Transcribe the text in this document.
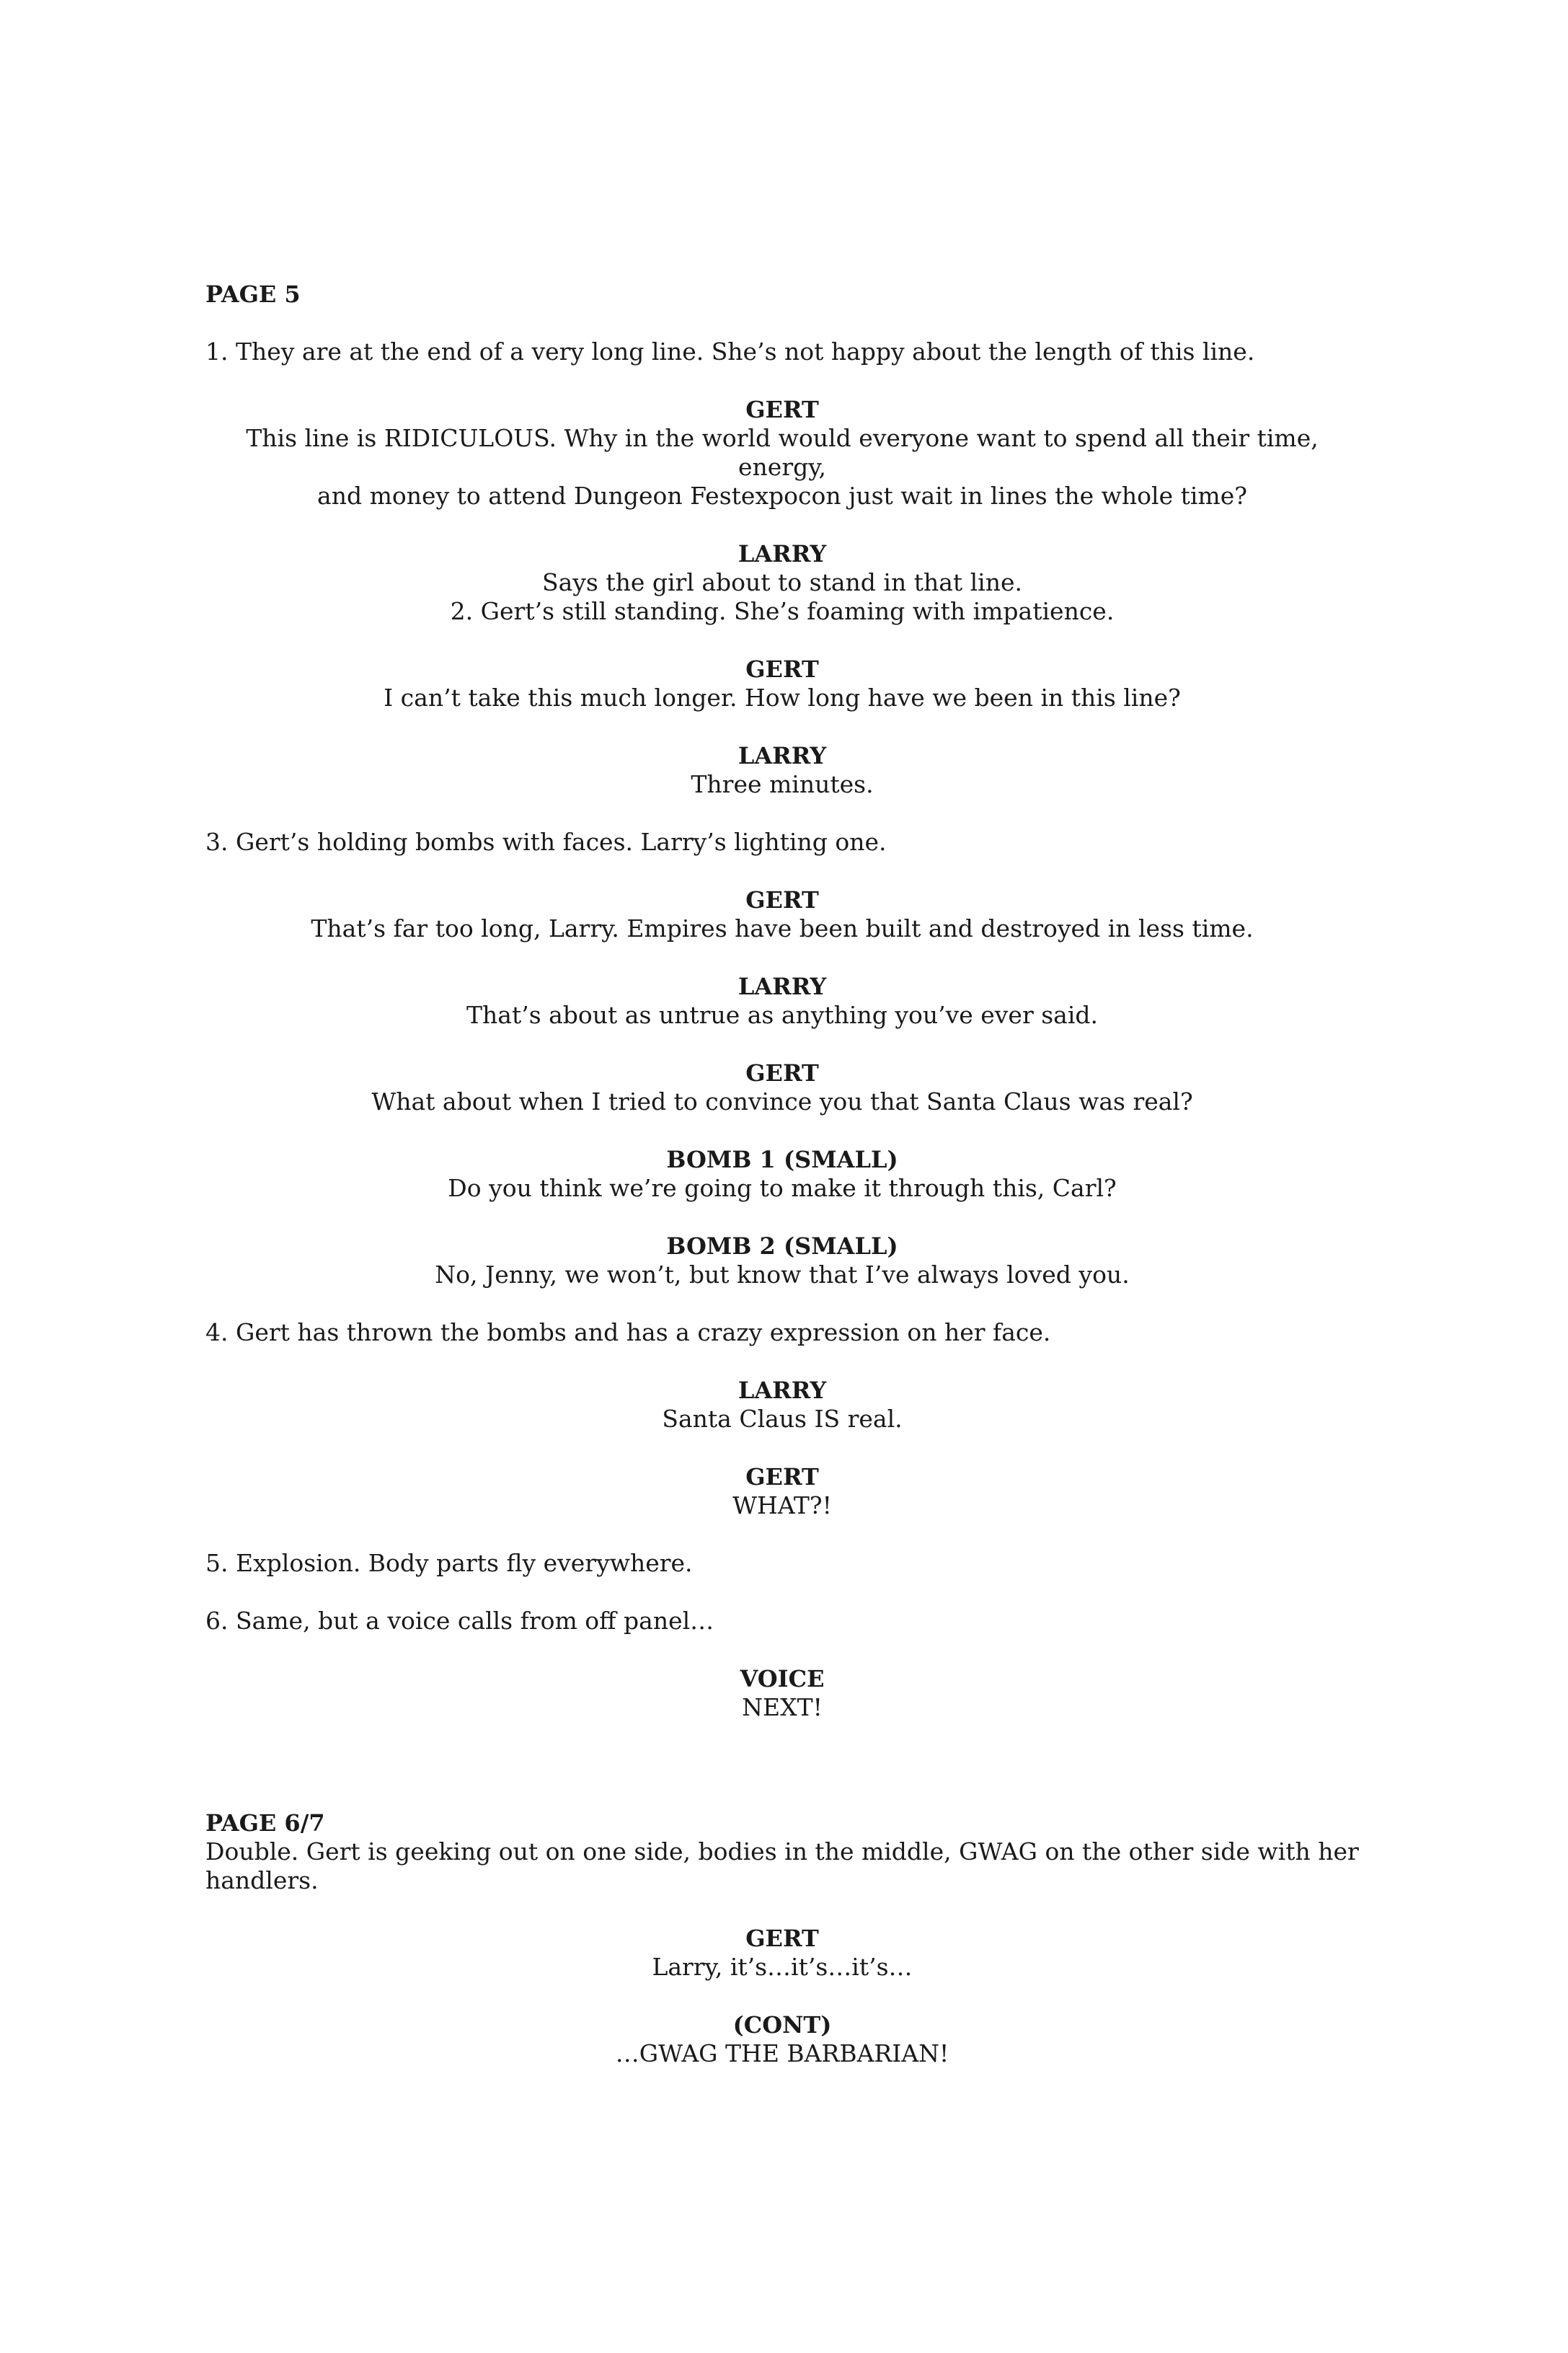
PAGE 5

1. They are at the end of a very long line. She’s not happy about the length of this line.

GERT

This line is RIDICULOUS. Why in the world would everyone want to spend all their time, energy,

and money to attend Dungeon Festexpocon just wait in lines the whole time?

LARRY

Says the girl about to stand in that line.

2. Gert’s still standing. She’s foaming with impatience.

GERT

I can’t take this much longer. How long have we been in this line?

LARRY

Three minutes.

3. Gert’s holding bombs with faces. Larry’s lighting one.

GERT

That’s far too long, Larry. Empires have been built and destroyed in less time.

LARRY

That’s about as untrue as anything you’ve ever said.

GERT

What about when I tried to convince you that Santa Claus was real?

BOMB 1 (SMALL)

Do you think we’re going to make it through this, Carl?

BOMB 2 (SMALL)

No, Jenny, we won’t, but know that I’ve always loved you.

4. Gert has thrown the bombs and has a crazy expression on her face.

LARRY

Santa Claus IS real.

GERT

WHAT?!

5. Explosion. Body parts fly everywhere.

6. Same, but a voice calls from off panel…

VOICE

NEXT!

PAGE 6/7

Double. Gert is geeking out on one side, bodies in the middle, GWAG on the other side with her

handlers.

GERT

Larry, it’s…it’s…it’s…

(CONT)

…GWAG THE BARBARIAN!
